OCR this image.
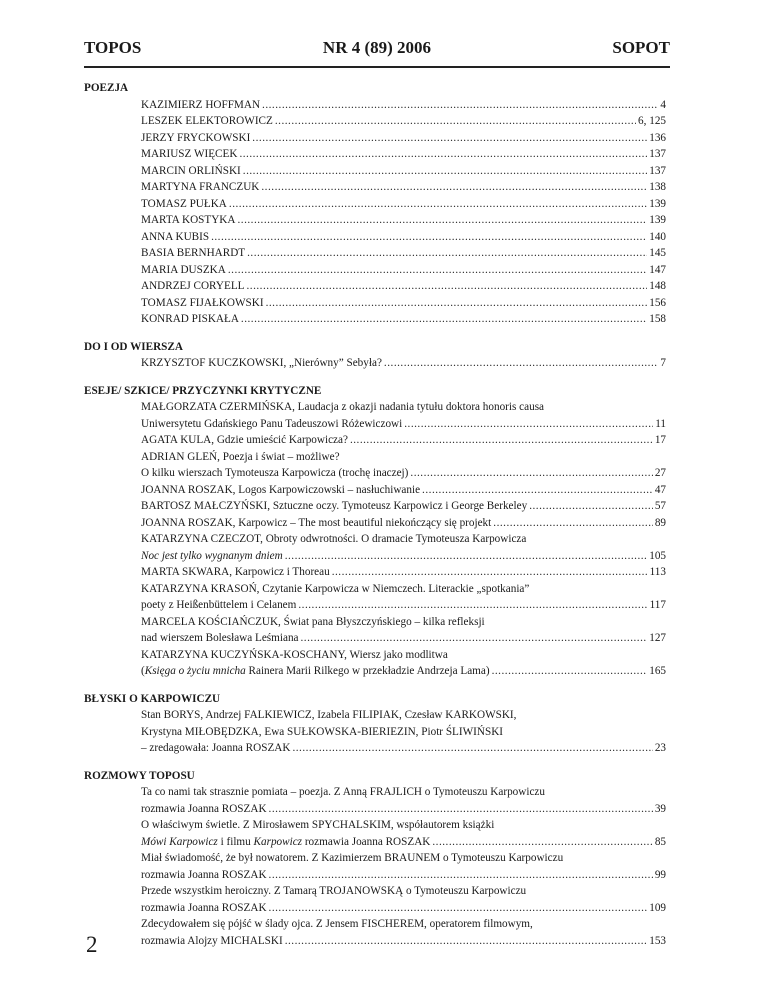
TOPOS	NR 4 (89) 2006	SOPOT
POEZJA
KAZIMIERZ HOFFMAN .....	4
LESZEK ELEKTOROWICZ .....	6, 125
JERZY FRYCKOWSKI .....	136
MARIUSZ WIĘCEK .....	137
MARCIN ORLIŃSKI .....	137
MARTYNA FRANCZUK .....	138
TOMASZ PUŁKA .....	139
MARTA KOSTYKA .....	139
ANNA KUBIS .....	140
BASIA BERNHARDT .....	145
MARIA DUSZKA .....	147
ANDRZEJ CORYELL .....	148
TOMASZ FIJAŁKOWSKI .....	156
KONRAD PISKAŁA .....	158
DO I OD WIERSZA
KRZYSZTOF KUCZKOWSKI, „Nierówny” Sebyła? .....	7
ESEJE/ SZKICE/ PRZYCZYNKI KRYTYCZNE
MAŁGORZATA CZERMIŃSKA, Laudacja z okazji nadania tytułu doktora honoris causa
Uniwersytetu Gdańskiego Panu Tadeuszowi Różewiczowi .....	11
AGATA KULA, Gdzie umieścić Karpowicza? .....	17
ADRIAN GLEŃ, Poezja i świat – możliwe?
O kilku wierszach Tymoteusza Karpowicza (trochę inaczej) .....	27
JOANNA ROSZAK, Logos Karpowiczowski – nasłuchiwanie .....	47
BARTOSZ MAŁCZYŃSKI, Sztuczne oczy. Tymoteusz Karpowicz i George Berkeley .....	57
JOANNA ROSZAK, Karpowicz – The most beautiful niekończący się projekt .....	89
KATARZYNA CZECZOT, Obroty odwrotności. O dramacie Tymoteusza Karpowicza
Noc jest tylko wygnanym dniem .....	105
MARTA SKWARA, Karpowicz i Thoreau .....	113
KATARZYNA KRASOŃ, Czytanie Karpowicza w Niemczech. Literackie „spotkania”
poety z Heißenbüttelem i Celanem .....	117
MARCELA KOŚCIAŃCZUK, Świat pana Błyszczyńskiego – kilka refleksji
nad wierszem Bolesława Leśmiana .....	127
KATARZYNA KUCZYŃSKA-KOSCHANY, Wiersz jako modlitwa
(Księga o życiu mnicha Rainera Marii Rilkego w przekładzie Andrzeja Lama) .....	165
BŁYSKI O KARPOWICZU
Stan BORYS, Andrzej FALKIEWICZ, Izabela FILIPIAK, Czesław KARKOWSKI,
Krystyna MIŁOBĘDZKA, Ewa SUŁKOWSKA-BIERIEZIN, Piotr ŚLIWIŃSKI
– zredagowała: Joanna ROSZAK .....	23
ROZMOWY TOPOSU
Ta co nami tak strasznie pomiata – poezja. Z Anną FRAJLICH o Tymoteuszu Karpowiczu
rozmawia Joanna ROSZAK .....	39
O właściwym świetle. Z Mirosławem SPYCHALSKIM, współautorem książki
Mówi Karpowicz i filmu Karpowicz rozmawia Joanna ROSZAK .....	85
Miał świadomość, że był nowatorem. Z Kazimierzem BRAUNEM o Tymoteuszu Karpowiczu
rozmawia Joanna ROSZAK .....	99
Przede wszystkim heroiczny. Z Tamarą TROJANOWSKĄ o Tymoteuszu Karpowiczu
rozmawia Joanna ROSZAK .....	109
Zdecydowałem się pójść w ślady ojca. Z Jensem FISCHEREM, operatorem filmowym,
rozmawia Alojzy MICHALSKI .....	153
2
